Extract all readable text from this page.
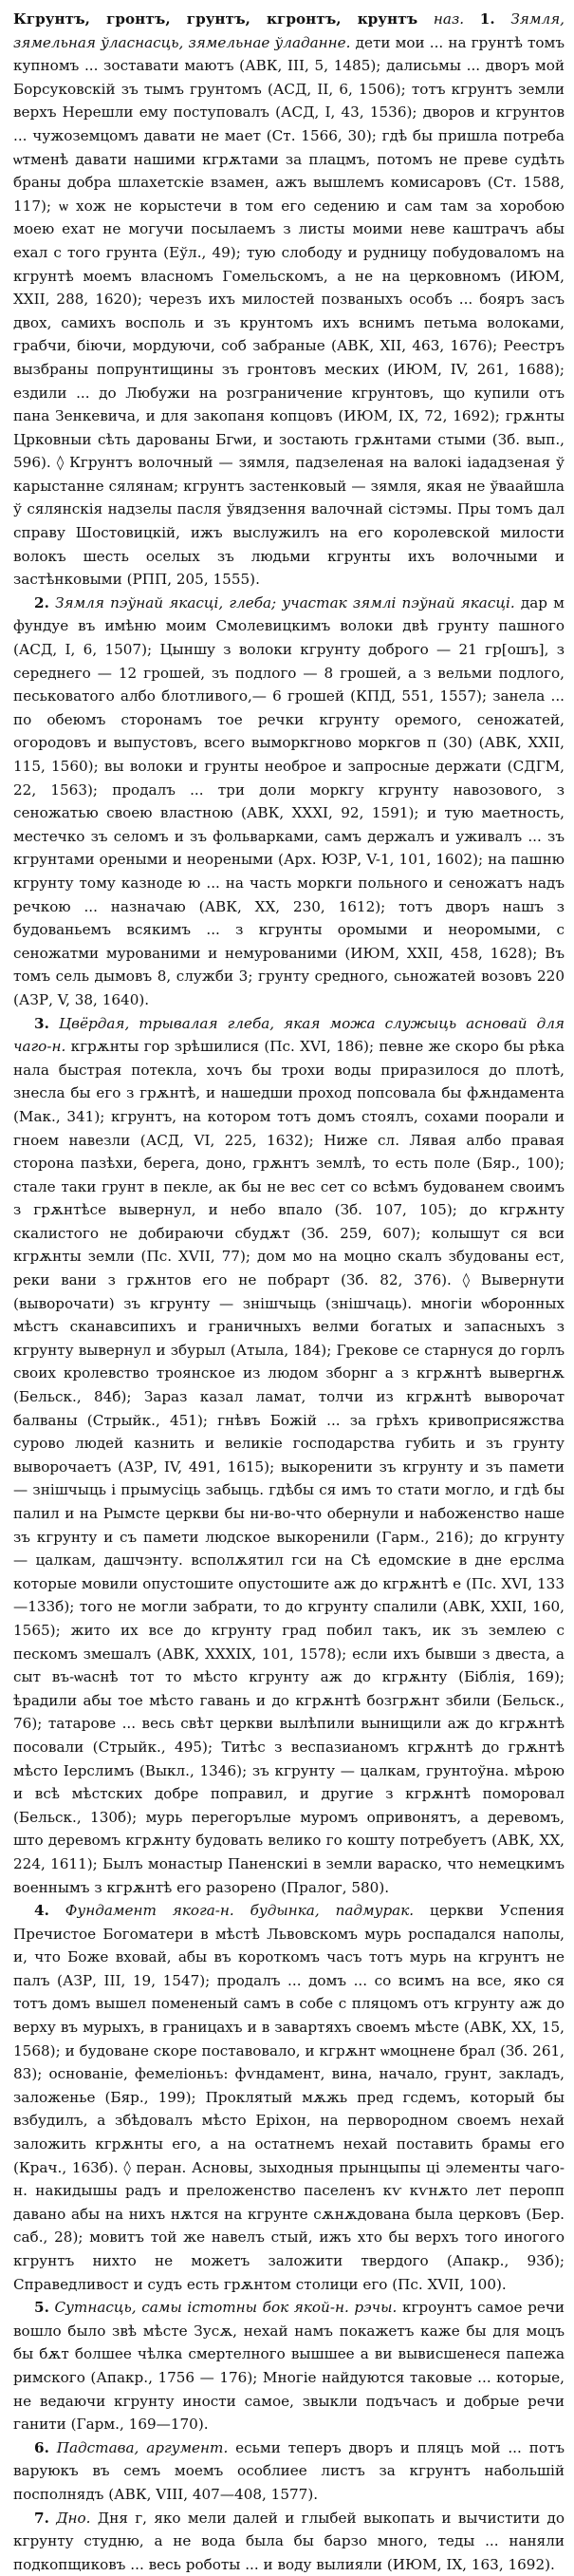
Кгрунтъ, гронтъ, грунтъ, кгронтъ, крунтъ наз. 1. Зямля, зямельная ўласнасць, зямельнае ўладанне. дети мои ... на грунтѣ томъ купномъ ... зоставати маютъ (АВК, III, 5, 1485); далисьмы ... дворъ мой Борсуковскій зъ тымъ грунтомъ (АСД, II, 6, 1506); тотъ кгрунтъ земли верхъ Нерешли ему поступовалъ (АСД, I, 43, 1536); дворов и кгрунтов ... чужоземцомъ давати не мает (Ст. 1566, 30); гдѣ бы пришла потреба ѡтменѣ давати нашими кгрѫтами за плацмъ, потомъ не преве судѣть браны добра шлахетскіе взамен, ажъ вышлемъ комисаровъ (Ст. 1588, 117); ѡ хож не корыстечи в том его седению и сам там за хоробою моею ехат не могучи посылаемъ з листы моими неве каштрачъ абы ехал с того грунта (Еўл., 49); тую слободу и рудницу побудоваломъ на кгрунтѣ моемъ власномъ Гомельскомъ, а не на церковномъ (ИЮМ, XXII, 288, 1620); черезъ ихъ милостей позваныхъ особъ ... бояръ засъ двох, самихъ восполь и зъ крунтомъ ихъ вснимъ петьма волоками, грабчи, біючи, мордуючи, соб забраные (АВК, XII, 463, 1676); Реестръ вызбраны попрунтищины зъ гронтовъ меских (ИЮМ, IV, 261, 1688); ездили ... до Любужи на розграничение кгрунтовъ, що купили отъ пана Зенкевича, и для закопаня копцовъ (ИЮМ, IX, 72, 1692); грѫнты Црковныи сѣть дарованы Бгѡи, и зостають грѫнтами стыми (Зб. вып., 596). ◊ Кгрунтъ волочный — зямля, падзеленая на валокі іададзеная ў карыстанне сялянам; кгрунтъ застенковый — зямля, якая не ўваайшла ў сялянскія надзелы пасля ўвядзення валочнай сістэмы. Пры томъ дал справу Шостовицкій, ижъ выслужилъ на его королевской милости волокъ шесть оселых зъ людьми кгрунты ихъ волочными и застѣнковыми (РПП, 205, 1555).

2. Зямля пэўнай якасці, глеба; участак зямлі пэўнай якасці. дар м фундуе въ имѣню моим Смолевицкимъ волоки двѣ грунту пашного (АСД, I, 6, 1507); Цыншу з волоки кгрунту доброго — 21 гр[ошъ], з середнего — 12 грошей, зъ подлого — 8 грошей, а з вельми подлого, песьковатого албо блотливого,— 6 грошей (КПД, 551, 1557); занела ... по обеюмъ сторонамъ тое речки кгрунту оремого, сеножатей, огородовъ и выпустовъ, всего выморкгново моркгов π (30) (АВК, XXII, 115, 1560); вы волоки и грунты необрое и запросные держати (СДГМ, 22, 1563); продалъ ... три доли моркгу кгрунту навозового, з сеножатью своею властною (АВК, XXXI, 92, 1591); и тую маетность, местечко зъ селомъ и зъ фольварками, самъ держалъ и уживалъ ... зъ кгрунтами ореными и неореными (Арх. ЮЗР, V-1, 101, 1602); на пашню кгрунту тому казноде ю ... на часть моркги польного и сеножатъ надъ речкою ... назначаю (АВК, XX, 230, 1612); тотъ дворъ нашъ з будованьемъ всякимъ ... з кгрунты оромыми и неоромыми, с сеножатми мурованими и немурованими (ИЮМ, XXII, 458, 1628); Въ томъ сель дымовъ 8, служби 3; грунту средного, сьножатей возовъ 220 (АЗР, V, 38, 1640).

3. Цвёрдая, трывалая глеба, якая можа служыць асновай для чаго-н. кгрѫнты гор зрѣшилися (Пс. XVI, 186); певне же скоро бы рѣка нала быстрая потекла, хочъ бы трохи воды приразилося до плотѣ, знесла бы его з грѫнтѣ, и нашедши проход попсовала бы фѫндамента (Мак., 341); кгрунтъ, на котором тотъ домъ стоялъ, сохами поорали и гноем навезли (АСД, VI, 225, 1632); Ниже сл. Лявая албо правая сторона пазѣхи, берега, доно, грѫнтъ землѣ, то есть поле (Бяр., 100); стале таки грунт в пекле, ак бы не вес сет со всѣмъ будованем своимъ з грѫнтѣсе вывернул, и небо впало (Зб. 107, 105); до кгрѫнту скалистого не добираючи сбудѫт (Зб. 259, 607); колышут ся вси кгрѫнты земли (Пс. XVII, 77); дом мо на моцно скалъ збудованы ест, реки вани з грѫнтов его не побрарт (Зб. 82, 376). ◊ Вывернути (выворочати) зъ кгрунту — знішчыць (знішчаць). многіи ѡборонных мѣстъ сканавсипихъ и граничныхъ велми богатых и запасныхъ з кгрунту вывернул и збурыл (Атыла, 184); Грекове се старнуся до горлъ своих кролевство троянское из людом зборнг а з кгрѫнтѣ выверrнѫ (Бельск., 84б); Зараз казал ламат, толчи из кгрѫнтѣ выворочат балваны (Стрыйк., 451); гнѣвъ Божій ... за грѣхъ кривоприсяжства сурово людей казнить и великіе господарства губить и зъ грунту выворочаетъ (АЗР, IV, 491, 1615); выкоренити зъ кгрунту и зъ памети — знішчыць і прымусіць забыць. гдѣбы ся имъ то стати могло, и гдѣ бы палил и на Рымсте церкви бы ни-во-что обернули и набоженство наше зъ кгрунту и съ памети людское выкоренили (Гарм., 216); до кгрунту — цалкам, дашчэнту. всполѫятил гси на Сѣ едомские в дне ерслма которые мовили опустошите опустошите аж до кгрѫнтѣ е (Пс. XVI, 133—133б); того не могли забрати, то до кгрунту спалили (АВК, XXII, 160, 1565); жито их все до кгрунту град побил такъ, ик зъ землею с пескомъ змешалъ (АВК, XXXIX, 101, 1578); если ихъ бывши з двеста, а сыт въ-ѡаснѣ тот то мѣсто кгрунту аж до кгрѫнту (Бiблiя, 169); ѣрадили абы тое мѣсто гавань и до кгрѫнтѣ бозгрѫнт збили (Бельск., 76); татарове ... весь свѣт церкви вылѣпили вынищили аж до кгрѫнтѣ посовали (Стрыйк., 495); Титѣс з веспазианомъ кгрѫнтѣ до грѫнтѣ мѣсто Iерслимъ (Выкл., 1346); зъ кгрунту — цалкам, грунтоўна. мѣрою и всѣ мѣстских добре поправил, и другие з кгрѫнтѣ поморовал (Бельск., 130б); мурь перегорълые муромъ опривонятъ, а деревомъ, што деревомъ кгрѫнту будовать велико го кошту потребуетъ (АВК, XX, 224, 1611); Былъ монастыр Паненскиі в земли вараско, что немецкимъ военнымъ з кгрѫнтѣ его разорено (Пралог, 580).

4. Фундамент якога-н. будынка, падмурак. церкви Успения Пречистое Богоматери в мѣстѣ Львовскомъ мурь роспадался наполы, и, что Боже вховай, абы въ короткомъ часъ тотъ мурь на кгрунтъ не палъ (АЗР, III, 19, 1547); продалъ ... домъ ... со всимъ на все, яко ся тотъ домъ вышел помененый самъ в собе с пляцомъ отъ кгрунту аж до верху въ мурыхъ, в границахъ и в завартяхъ своемъ мѣсте (АВК, XX, 15, 1568); и будоване скоре поставовало, и кгрѫнт ѡмоцнене брал (Зб. 261, 83); основаніе, фемелiоньъ: фѵндамент, вина, начало, грунт, закладъ, заложенье (Бяр., 199); Проклятый мѫжь пред гсдемъ, который бы взбудилъ, а збѣдовалъ мѣсто Ерiхон, на первородном своемъ нехай заложить кгрѫнты его, а на остатнемъ нехай поставить брамы его (Крач., 163б). ◊ перан. Асновы, зыходныя прынцыпы ці элементы чаго-н. накидышы радъ и преложенство паселенъ кѵ кѵнѫто лет перопп давано абы на нихъ нѫтся на кгрунте сѫнѫдована была церковъ (Бер. саб., 28); мовитъ той же навелъ стый, ижъ хто бы верхъ того иногого кгрунтъ нихто не можетъ заложити твердого (Апакр., 93б); Справедливост и судъ есть грѫнтом столици его (Пс. XVII, 100).

5. Сутнасць, самы істотны бок якой-н. рэчы. кгроунтъ самое речи вошло было звѣ мѣсте Зусѫ, нехай намъ покажетъ каже бы для моцъ бы бѫт болшее чѣлка смертелного вышшее а ви вывисшенеся папежа римского (Апакр., 1756 — 176); Многiе найдуются таковые ... которые, не ведаючи кгрунту иности самое, звыкли подъчасъ и добрые речи ганити (Гарм., 169—170).

6. Падстава, аргумент. есьми теперъ дворъ и пляцъ мой ... потъ варуюкъ въ семъ моемъ особлиее листъ за кгрунтъ набольшій посполнядъ (АВК, VIII, 407—408, 1577).

7. Дно. Дня г, яко мели далей и глыбей выкопать и вычистити до кгрунту студню, а не вода была бы барзо много, теды ... наняли подкопщиковъ ... весь роботы ... и воду вылияли (ИЮМ, IX, 163, 1692).
